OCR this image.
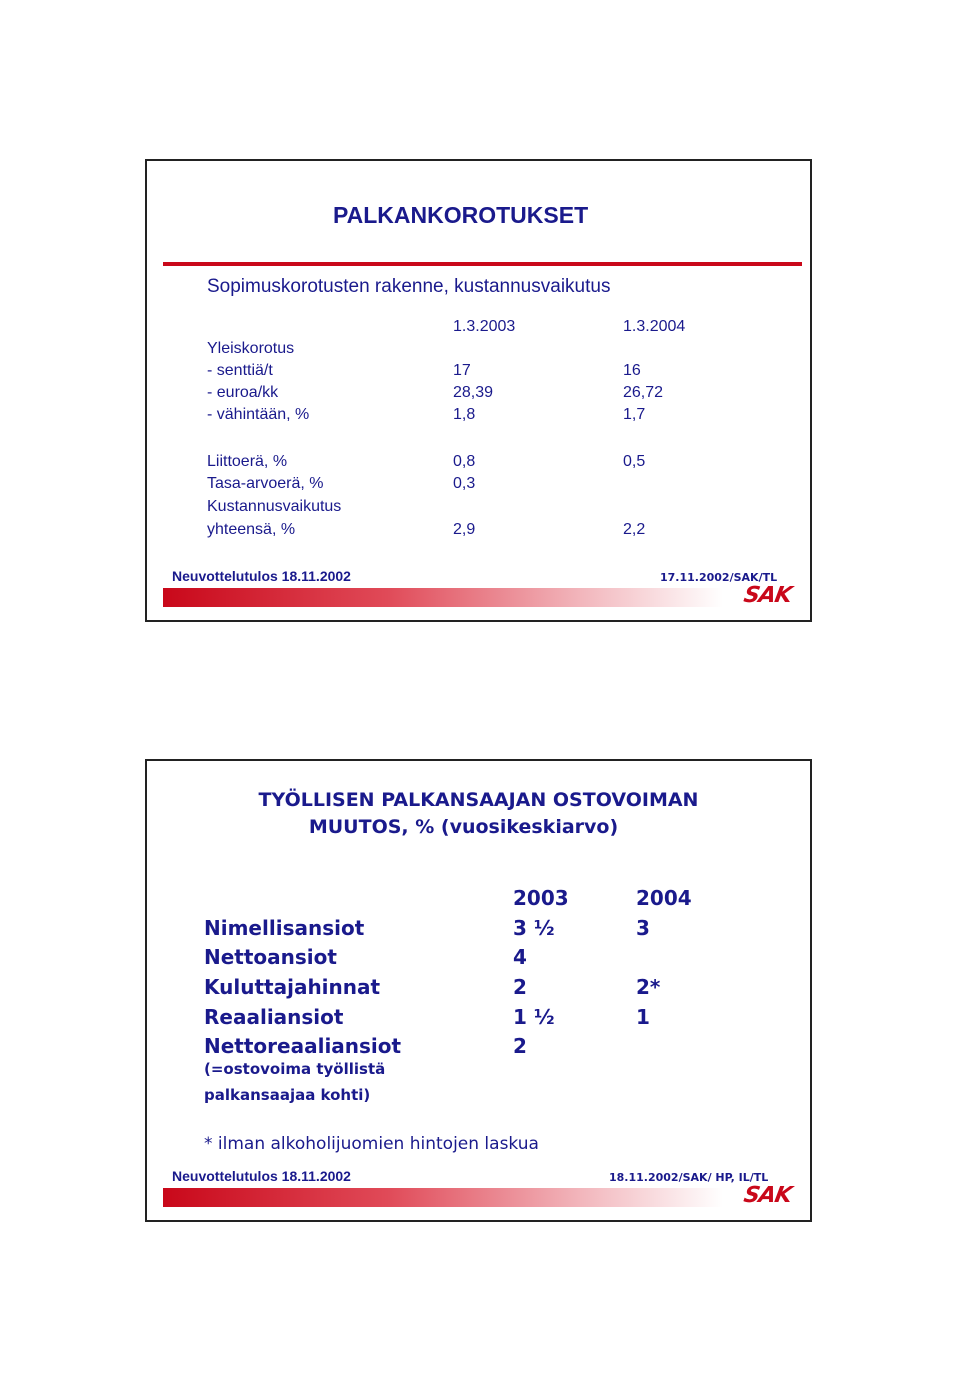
PALKANKOROTUKSET
Sopimuskorotusten rakenne, kustannusvaikutus
1.3.2003	1.3.2004
Yleiskorotus
- senttiä/t	17	16
- euroa/kk	28,39	26,72
- vähintään, %	1,8	1,7
Liittoerä, %	0,8	0,5
Tasa-arvoerä, %	0,3
Kustannusvaikutus
yhteensä, %	2,9	2,2
Neuvottelutulos 18.11.2002	17.11.2002/SAK/TL
SAK
TYÖLLISEN PALKANSAAJAN OSTOVOIMAN
MUUTOS, % (vuosikeskiarvo)
2003	2004
Nimellisansiot	3 ½	3
Nettoansiot	4
Kuluttajahinnat	2	2*
Reaaliansiot	1 ½	1
Nettoreaaliansiot	2
(=ostovoima työllistä
palkansaajaa kohti)
* ilman alkoholijuomien hintojen laskua
Neuvottelutulos 18.11.2002	18.11.2002/SAK/ HP, IL/TL
SAK
